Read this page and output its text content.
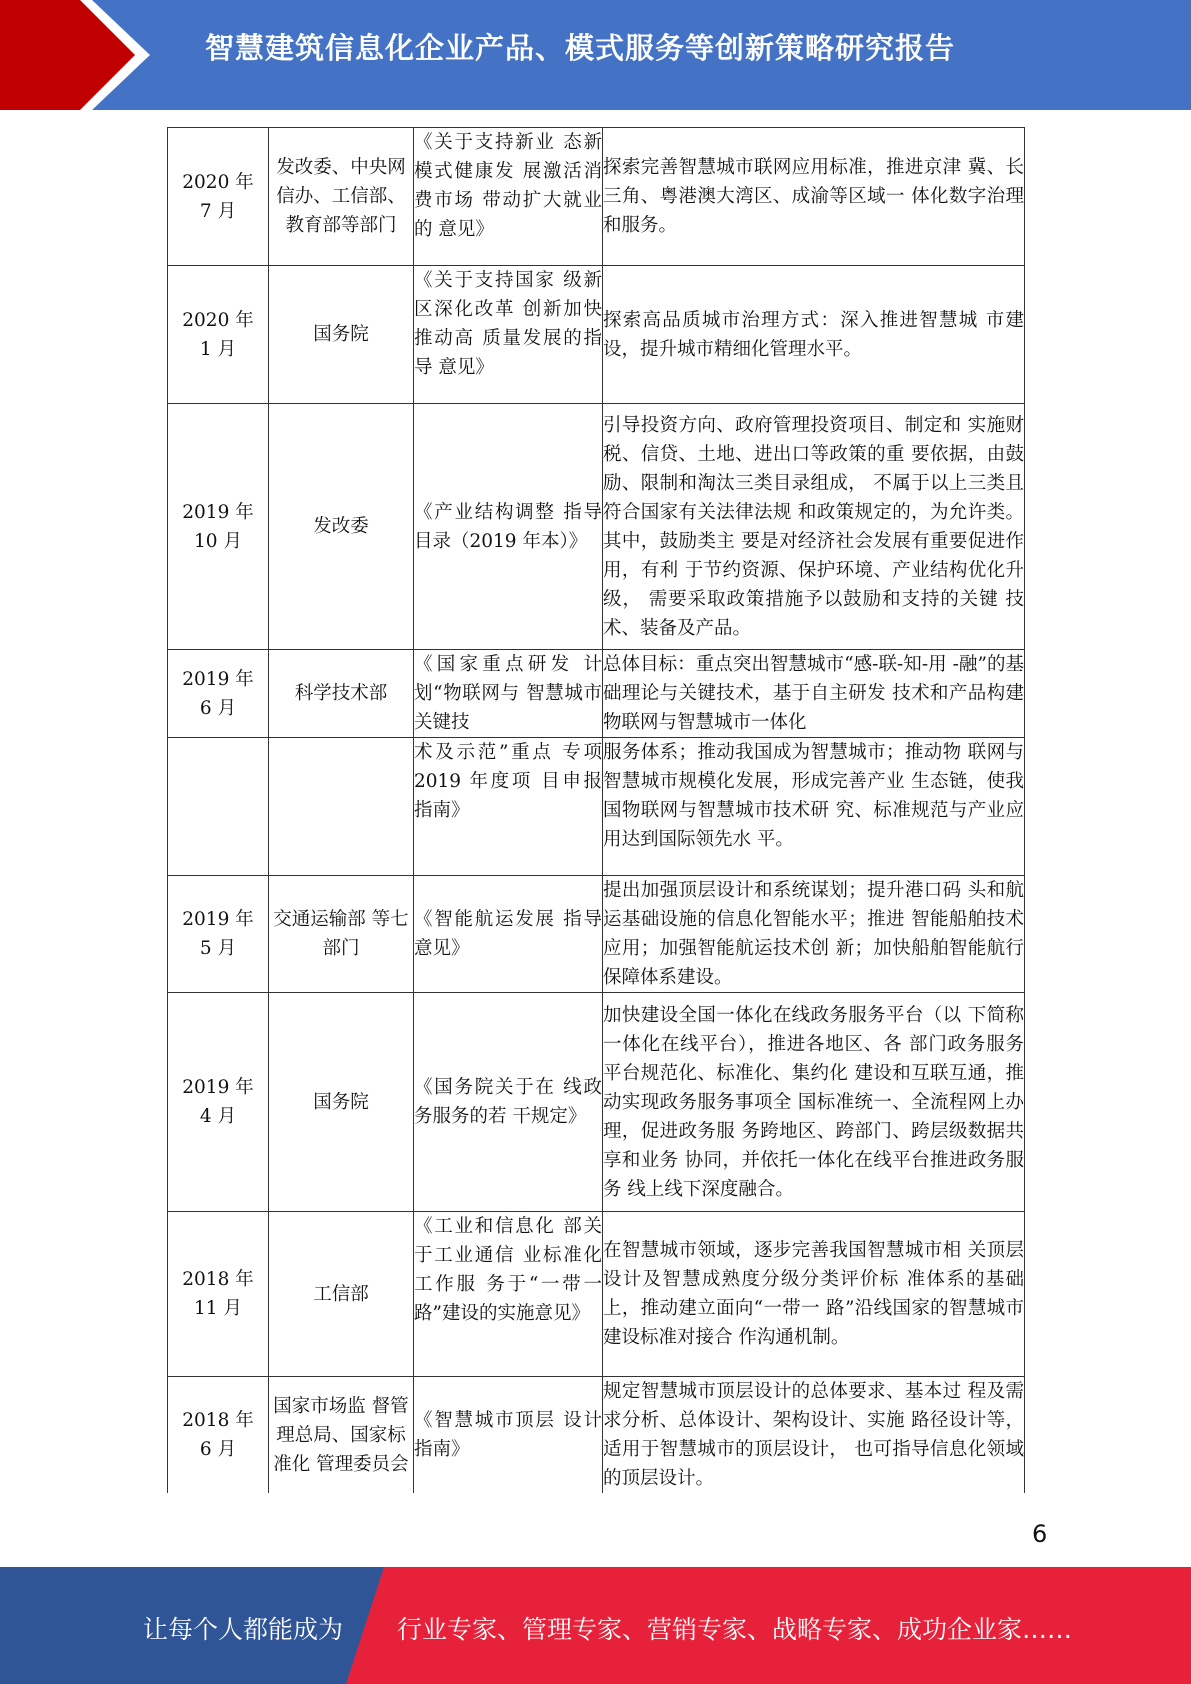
智慧建筑信息化企业产品、模式服务等创新策略研究报告
2020 年
7 月	发改委、中央网信办、工信部、教育部等部门	《关于支持新业 态新模式健康发 展激活消费市场 带动扩大就业的 意见》	探索完善智慧城市联网应用标准，推进京津 冀、长三角、粤港澳大湾区、成渝等区域一 体化数字治理和服务。
2020 年
1 月	国务院	《关于支持国家 级新区深化改革 创新加快推动高 质量发展的指导 意见》	探索高品质城市治理方式：深入推进智慧城 市建设，提升城市精细化管理水平。
2019 年
10 月	发改委	《产业结构调整 指导目录（2019 年本）》	引导投资方向、政府管理投资项目、制定和 实施财税、信贷、土地、进出口等政策的重 要依据，由鼓励、限制和淘汰三类目录组成， 不属于以上三类且符合国家有关法律法规 和政策规定的，为允许类。其中，鼓励类主 要是对经济社会发展有重要促进作用，有利 于节约资源、保护环境、产业结构优化升级， 需要采取政策措施予以鼓励和支持的关键 技术、装备及产品。
2019 年
6 月	科学技术部	《国家重点研发 计划“物联网与 智慧城市关键技	总体目标：重点突出智慧城市“感-联-知-用 -融”的基础理论与关键技术，基于自主研发 技术和产品构建物联网与智慧城市一体化
		术及示范”重点 专项 2019 年度项 目申报指南》	服务体系；推动我国成为智慧城市；推动物 联网与智慧城市规模化发展，形成完善产业 生态链，使我国物联网与智慧城市技术研 究、标准规范与产业应用达到国际领先水 平。
2019 年
5 月	交通运输部 等七部门	《智能航运发展 指导意见》	提出加强顶层设计和系统谋划；提升港口码 头和航运基础设施的信息化智能水平；推进 智能船舶技术应用；加强智能航运技术创 新；加快船舶智能航行保障体系建设。
2019 年
4 月	国务院	《国务院关于在 线政务服务的若 干规定》	加快建设全国一体化在线政务服务平台（以 下简称一体化在线平台），推进各地区、各 部门政务服务平台规范化、标准化、集约化 建设和互联互通，推动实现政务服务事项全 国标准统一、全流程网上办理，促进政务服 务跨地区、跨部门、跨层级数据共享和业务 协同，并依托一体化在线平台推进政务服务 线上线下深度融合。
2018 年
11 月	工信部	《工业和信息化 部关于工业通信 业标准化工作服 务于“一带一 路”建设的实施意见》	在智慧城市领域，逐步完善我国智慧城市相 关顶层设计及智慧成熟度分级分类评价标 准体系的基础上，推动建立面向“一带一 路”沿线国家的智慧城市建设标准对接合 作沟通机制。
2018 年
6 月	国家市场监 督管理总局、国家标准化 管理委员会	《智慧城市顶层 设计指南》	规定智慧城市顶层设计的总体要求、基本过 程及需求分析、总体设计、架构设计、实施 路径设计等，适用于智慧城市的顶层设计， 也可指导信息化领域的顶层设计。
6
让每个人都能成为 行业专家、管理专家、营销专家、战略专家、成功企业家……
